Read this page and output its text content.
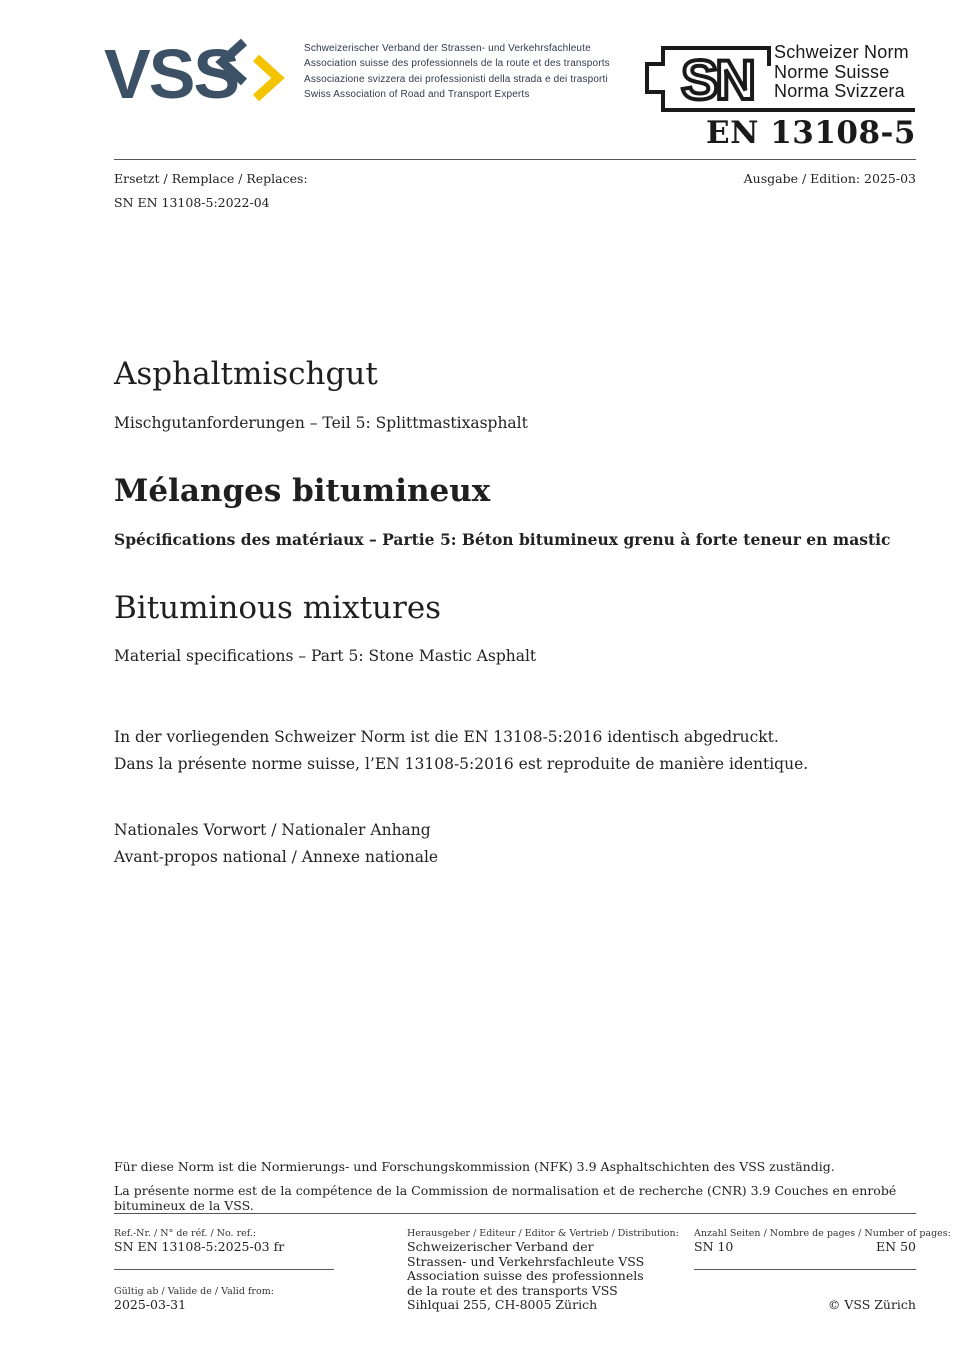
VSS	Schweizerischer Verband der Strassen- und Verkehrsfachleute
Association suisse des professionnels de la route et des transports
Associazione svizzera dei professionisti della strada e dei trasporti
Swiss Association of Road and Transport Experts	SN Schweizer Norm
Norme Suisse
Norma Svizzera
EN 13108-5
Ersetzt / Remplace / Replaces:
SN EN 13108-5:2022-04
Ausgabe / Edition: 2025-03
Asphaltmischgut
Mischgutanforderungen – Teil 5: Splittmastixasphalt
Mélanges bitumineux
Spécifications des matériaux – Partie 5: Béton bitumineux grenu à forte teneur en mastic
Bituminous mixtures
Material specifications – Part 5: Stone Mastic Asphalt
In der vorliegenden Schweizer Norm ist die EN 13108-5:2016 identisch abgedruckt.
Dans la présente norme suisse, l’EN 13108-5:2016 est reproduite de manière identique.
Nationales Vorwort / Nationaler Anhang
Avant-propos national / Annexe nationale
Für diese Norm ist die Normierungs- und Forschungskommission (NFK) 3.9 Asphaltschichten des VSS zuständig.
La présente norme est de la compétence de la Commission de normalisation et de recherche (CNR) 3.9 Couches en enrobé bitumineux de la VSS.
Ref.-Nr. / N° de réf. / No. ref.:
SN EN 13108-5:2025-03 fr
Gültig ab / Valide de / Valid from:
2025-03-31
Herausgeber / Editeur / Editor & Vertrieb / Distribution:
Schweizerischer Verband der
Strassen- und Verkehrsfachleute VSS
Association suisse des professionnels
de la route et des transports VSS
Sihlquai 255, CH-8005 Zürich
Anzahl Seiten / Nombre de pages / Number of pages:
SN 10	EN 50
© VSS Zürich
